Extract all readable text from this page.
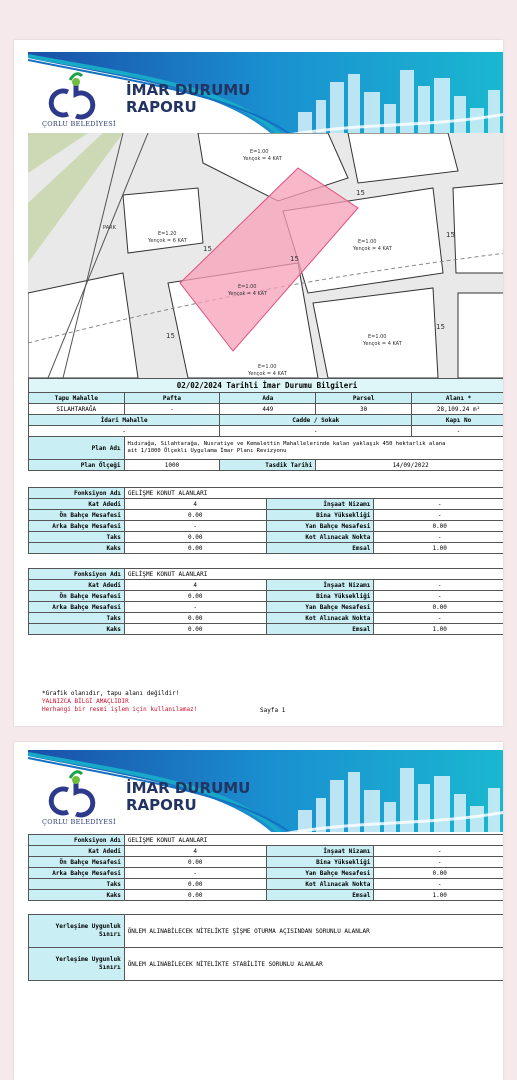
ÇORLU BELEDİYESİ
İMAR DURUMU
RAPORU
E=1.00
Yençok = 4 KAT
E=1.00
Yençok = 4 KAT
E=1.00
Yençok = 4 KAT
E=1.00
Yençok = 4 KAT
E=1.00
Yençok = 4 KAT
E=1.20
Yençok = 6 KAT
PARK
15
15
15
15
15
15
02/02/2024 Tarihli İmar Durumu Bilgileri				
Tapu Mahalle	Pafta	Ada	Parsel	Alanı *
SILAHTARAĞA	-	449	30	28,109.24 m²
İdari Mahalle		Cadde / Sokak		Kapı No
-		-		-
Plan Adı	Hıdırağa, Silahtarağa, Nusratiye ve Kemalettin Mahallelerinde kalan yaklaşık 450 hektarlık alana
ait 1/1000 Ölçekli Uygulama İmar Planı Revizyonu			

Plan Ölçeği	1000	Tasdik Tarihi	14/09/2022	
Fonksiyon Adı	GELİŞME KONUT ALANLARI		
Kat Adedi	4	İnşaat Nizamı	-
Ön Bahçe Mesafesi	0.00	Bina Yüksekliği	-
Arka Bahçe Mesafesi	-	Yan Bahçe Mesafesi	0.00
Taks	0.00	Kot Alınacak Nokta	-
Kaks	0.00	Emsal	1.00
Fonksiyon Adı	GELİŞME KONUT ALANLARI		
Kat Adedi	4	İnşaat Nizamı	-
Ön Bahçe Mesafesi	0.00	Bina Yüksekliği	-
Arka Bahçe Mesafesi	-	Yan Bahçe Mesafesi	0.00
Taks	0.00	Kot Alınacak Nokta	-
Kaks	0.00	Emsal	1.00
*Grafik olanıdır, tapu alanı değildir!
YALNIZCA BİLGİ AMAÇLIDIR
Herhangi bir resmi işlem için kullanılamaz!	Sayfa 1
ÇORLU BELEDİYESİ
İMAR DURUMU
RAPORU
Fonksiyon Adı	GELİŞME KONUT ALANLARI		
Kat Adedi	4	İnşaat Nizamı	-
Ön Bahçe Mesafesi	0.00	Bina Yüksekliği	-
Arka Bahçe Mesafesi	-	Yan Bahçe Mesafesi	0.00
Taks	0.00	Kot Alınacak Nokta	-
Kaks	0.00	Emsal	1.00
Yerleşime Uygunluk Sınırı	ÖNLEM ALINABİLECEK NİTELİKTE ŞİŞME OTURMA AÇISINDAN SORUNLU ALANLAR
Yerleşime Uygunluk Sınırı	ÖNLEM ALINABİLECEK NİTELİKTE STABİLİTE SORUNLU ALANLAR
